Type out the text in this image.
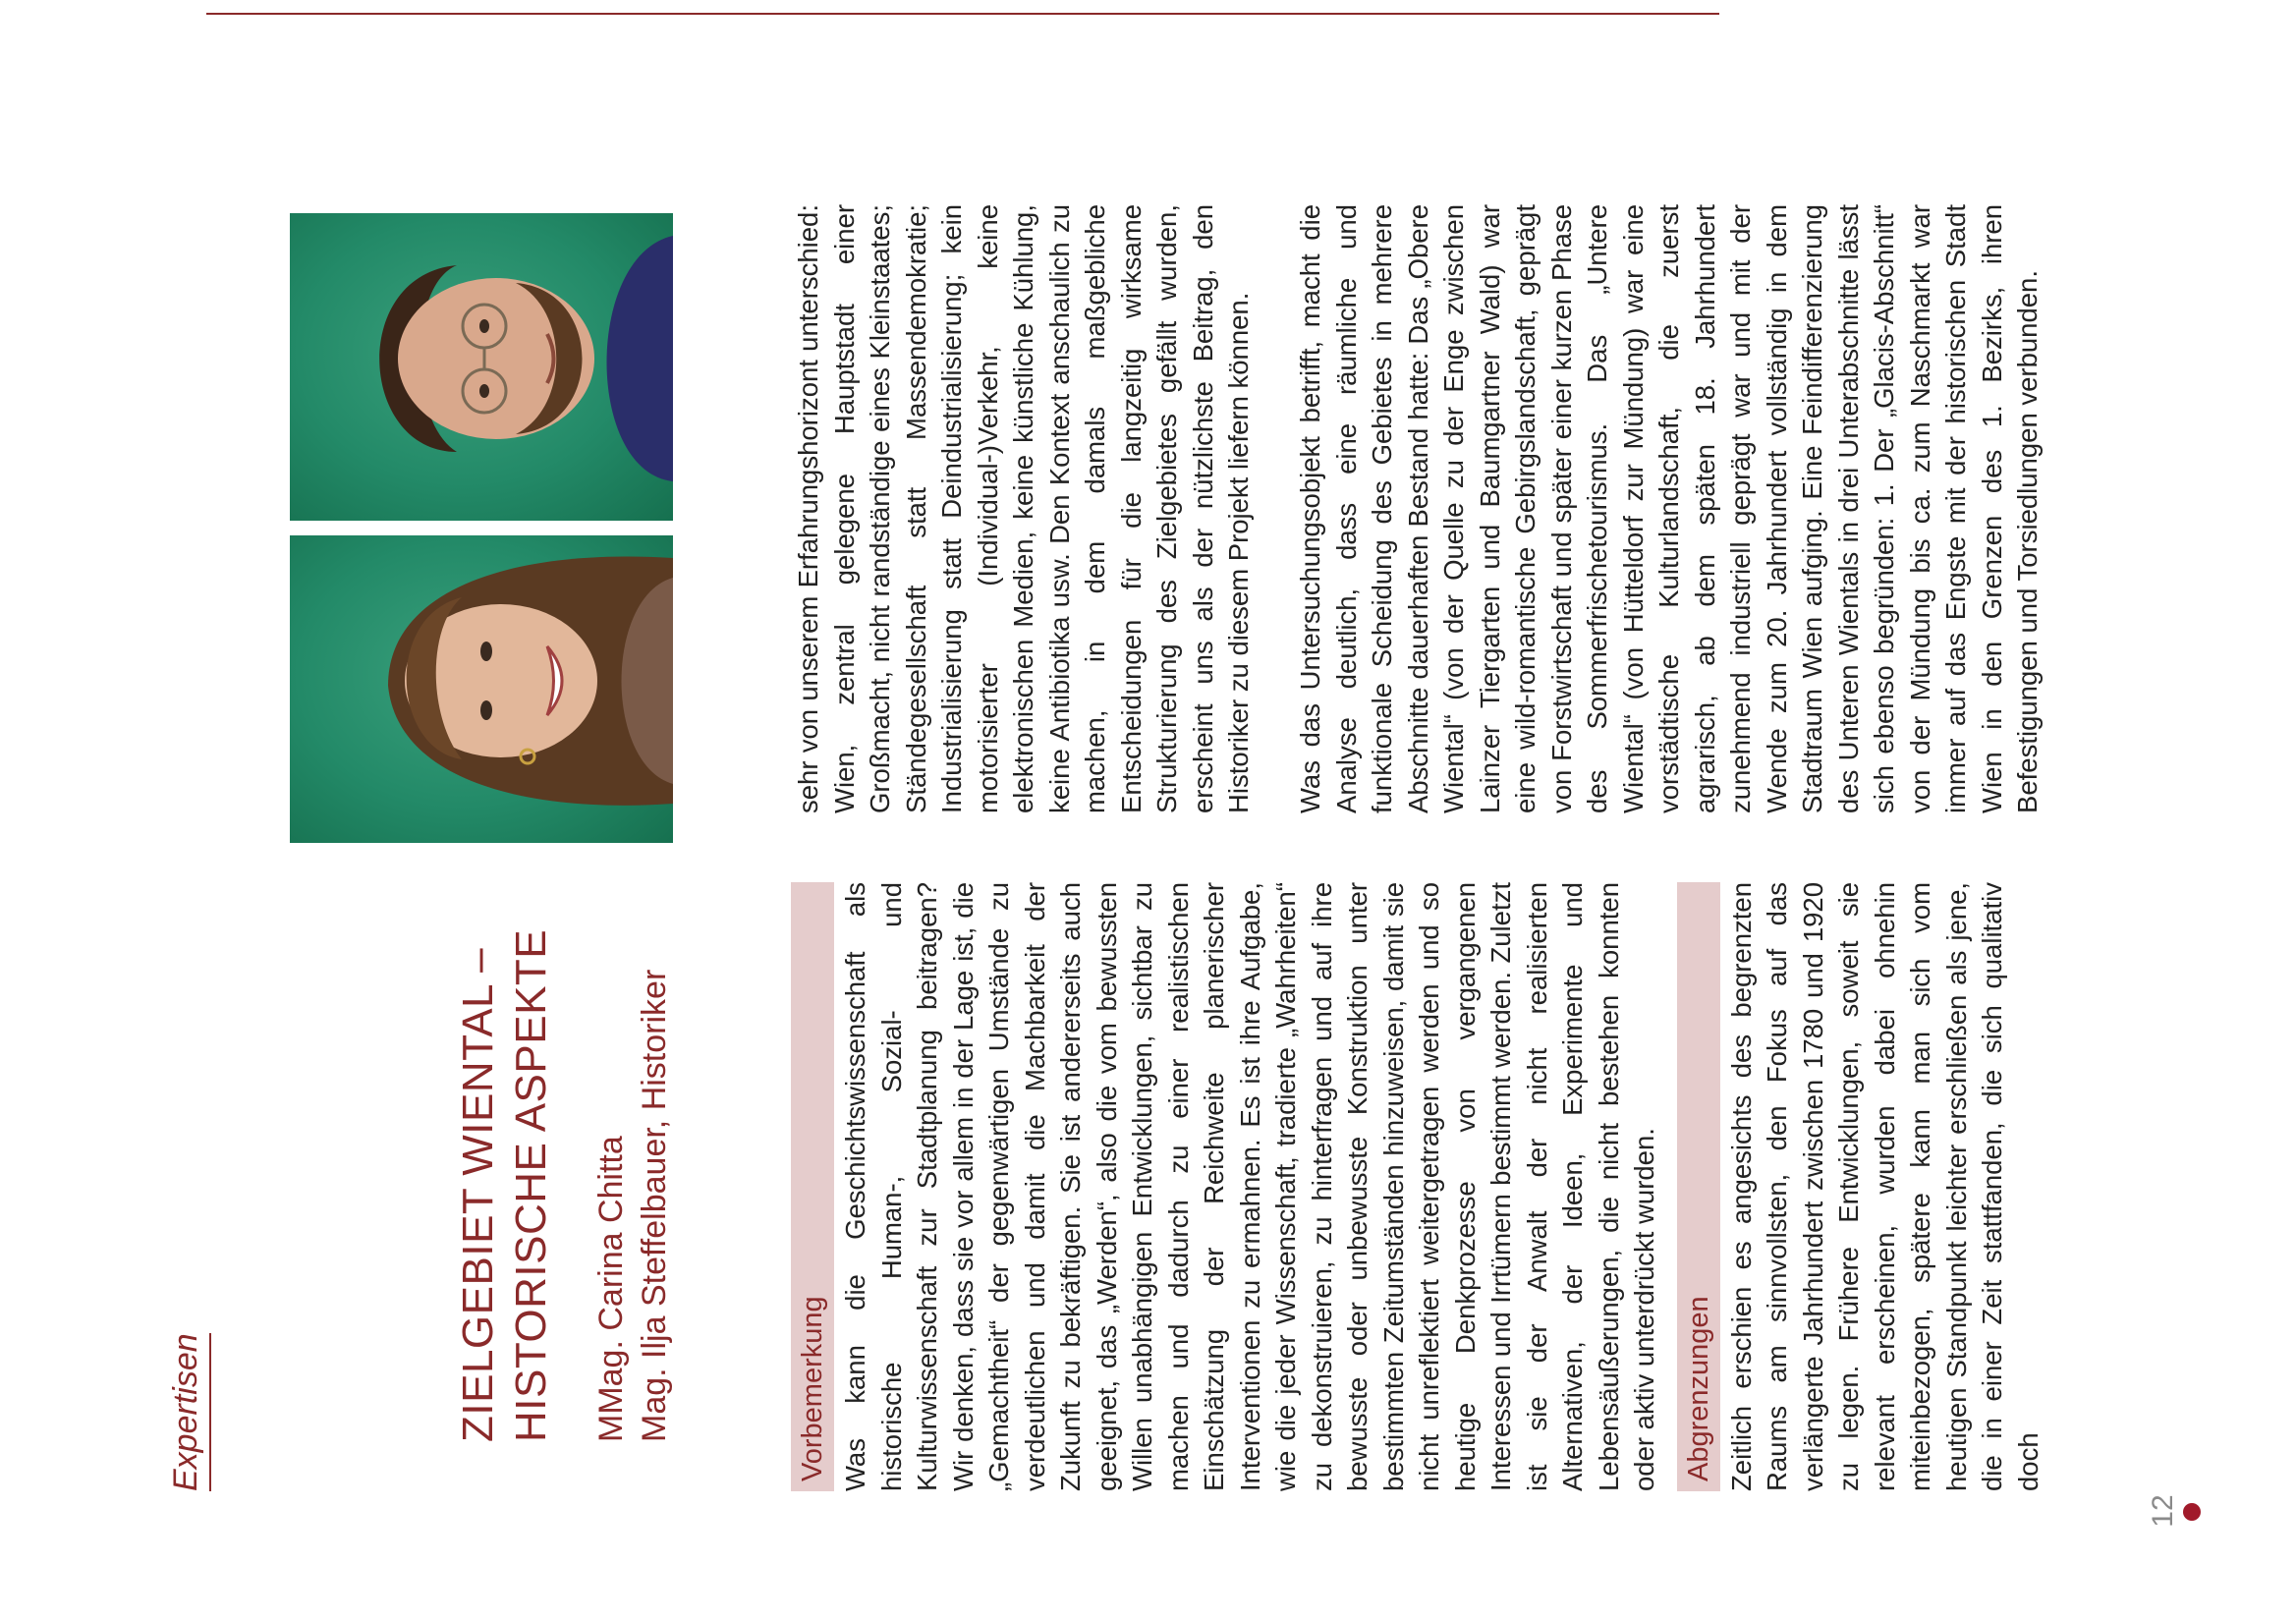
Expertisen	ZIELGEBIET WIENTAL – HISTORISCHE ASPEKTE MMag. Carina Chitta Mag. Ilja Steffelbauer, Historiker	Vorbemerkung Was kann die Geschichtswissenschaft als historische Human-, Sozial- und Kulturwissenschaft zur Stadtplanung beitragen? Wir denken, dass sie vor allem in der Lage ist, die „Gemachtheit“ der gegenwärtigen Umstände zu verdeutlichen und damit die Machbarkeit der Zukunft zu bekräftigen. Sie ist andererseits auch geeignet, das „Werden“, also die vom bewussten Willen unabhängigen Entwicklungen, sichtbar zu machen und dadurch zu einer realistischen Einschätzung der Reichweite planerischer Interventionen zu ermahnen. Es ist ihre Aufgabe, wie die jeder Wissenschaft, tradierte „Wahrheiten“ zu dekonstruieren, zu hinterfragen und auf ihre bewusste oder unbewusste Konstruktion unter bestimmten Zeitumständen hinzuweisen, damit sie nicht unreflektiert weitergetragen werden und so heutige Denkprozesse von vergangenen Interessen und Irrtümern bestimmt werden. Zuletzt ist sie der Anwalt der nicht realisierten Alternativen, der Ideen, Experimente und Lebensäußerungen, die nicht bestehen konnten oder aktiv unterdrückt wurden. Abgrenzungen Zeitlich erschien es angesichts des begrenzten Raums am sinnvollsten, den Fokus auf das verlängerte Jahrhundert zwischen 1780 und 1920 zu legen. Frühere Entwicklungen, soweit sie relevant erscheinen, wurden dabei ohnehin miteinbezogen, spätere kann man sich vom heutigen Standpunkt leichter erschließen als jene, die in einer Zeit stattfanden, die sich qualitativ doch

sehr von unserem Erfahrungshorizont unterschied: Wien, zentral gelegene Hauptstadt einer Großmacht, nicht randständige eines Kleinstaates; Ständegesellschaft statt Massendemokratie; Industrialisierung statt Deindustrialisierung; kein motorisierter (Individual-)Verkehr, keine elektronischen Medien, keine künstliche Kühlung, keine Antibiotika usw. Den Kontext anschaulich zu machen, in dem damals maßgebliche Entscheidungen für die langzeitig wirksame Strukturierung des Zielgebietes gefällt wurden, erscheint uns als der nützlichste Beitrag, den Historiker zu diesem Projekt liefern können. Was das Untersuchungsobjekt betrifft, macht die Analyse deutlich, dass eine räumliche und funktionale Scheidung des Gebietes in mehrere Abschnitte dauerhaften Bestand hatte: Das „Obere Wiental“ (von der Quelle zu der Enge zwischen Lainzer Tiergarten und Baumgartner Wald) war eine wild-romantische Gebirgslandschaft, geprägt von Forstwirtschaft und später einer kurzen Phase des Sommerfrischetourismus. Das „Untere Wiental“ (von Hütteldorf zur Mündung) war eine vorstädtische Kulturlandschaft, die zuerst agrarisch, ab dem späten 18. Jahrhundert zunehmend industriell geprägt war und mit der Wende zum 20. Jahrhundert vollständig in dem Stadtraum Wien aufging. Eine Feindifferenzierung des Unteren Wientals in drei Unterabschnitte lässt sich ebenso begründen: 1. Der „Glacis-Abschnitt“ von der Mündung bis ca. zum Naschmarkt war immer auf das Engste mit der historischen Stadt Wien in den Grenzen des 1. Bezirks, ihren Befestigungen und Torsiedlungen verbunden.

12
